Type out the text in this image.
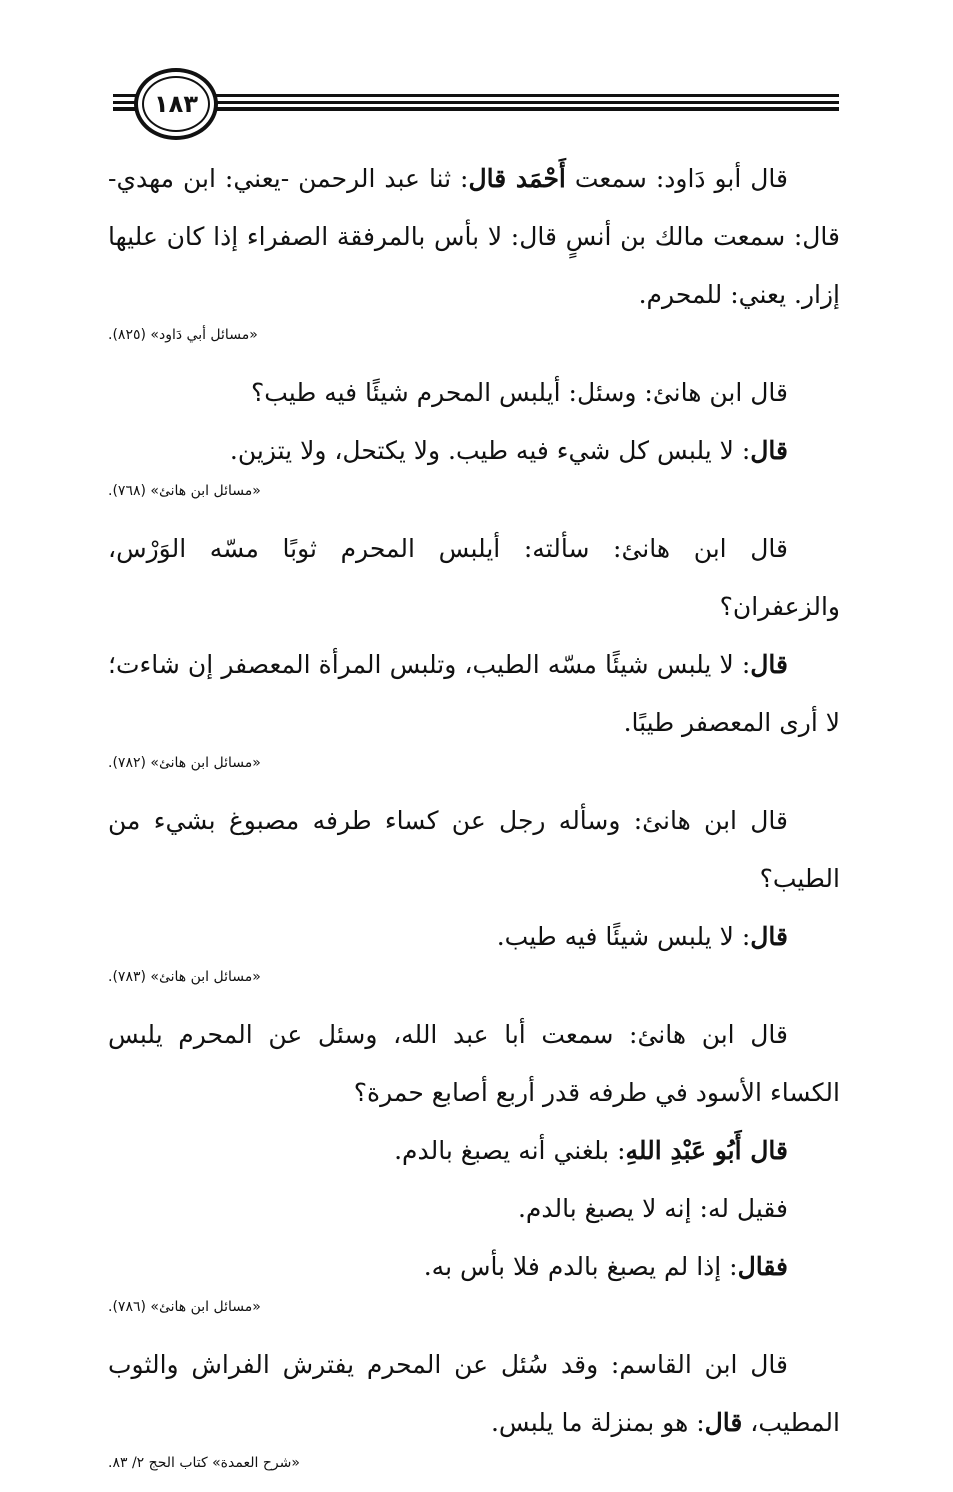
١٨٣

قال أبو دَاود: سمعت أَحْمَد قال: ثنا عبد الرحمن -يعني: ابن مهدي- قال: سمعت مالك بن أنسٍ قال: لا بأس بالمرفقة الصفراء إذا كان عليها إزار. يعني: للمحرم.

«مسائل أبي دَاود» (٨٢٥).

قال ابن هانئ: وسئل: أيلبس المحرم شيئًا فيه طيب؟

قال: لا يلبس كل شيء فيه طيب. ولا يكتحل، ولا يتزين.

«مسائل ابن هانئ» (٧٦٨).

قال ابن هانئ: سألته: أيلبس المحرم ثوبًا مسّه الوَرْس، والزعفران؟

قال: لا يلبس شيئًا مسّه الطيب، وتلبس المرأة المعصفر إن شاءت؛ لا أرى المعصفر طيبًا.

«مسائل ابن هانئ» (٧٨٢).

قال ابن هانئ: وسأله رجل عن كساء طرفه مصبوغ بشيء من الطيب؟

قال: لا يلبس شيئًا فيه طيب.

«مسائل ابن هانئ» (٧٨٣).

قال ابن هانئ: سمعت أبا عبد الله، وسئل عن المحرم يلبس الكساء الأسود في طرفه قدر أربع أصابع حمرة؟

قال أَبُو عَبْدِ اللهِ: بلغني أنه يصبغ بالدم.

فقيل له: إنه لا يصبغ بالدم.

فقال: إذا لم يصبغ بالدم فلا بأس به.

«مسائل ابن هانئ» (٧٨٦).

قال ابن القاسم: وقد سُئل عن المحرم يفترش الفراش والثوب المطيب، قال: هو بمنزلة ما يلبس.

«شرح العمدة» كتاب الحج ٢/ ٨٣.
